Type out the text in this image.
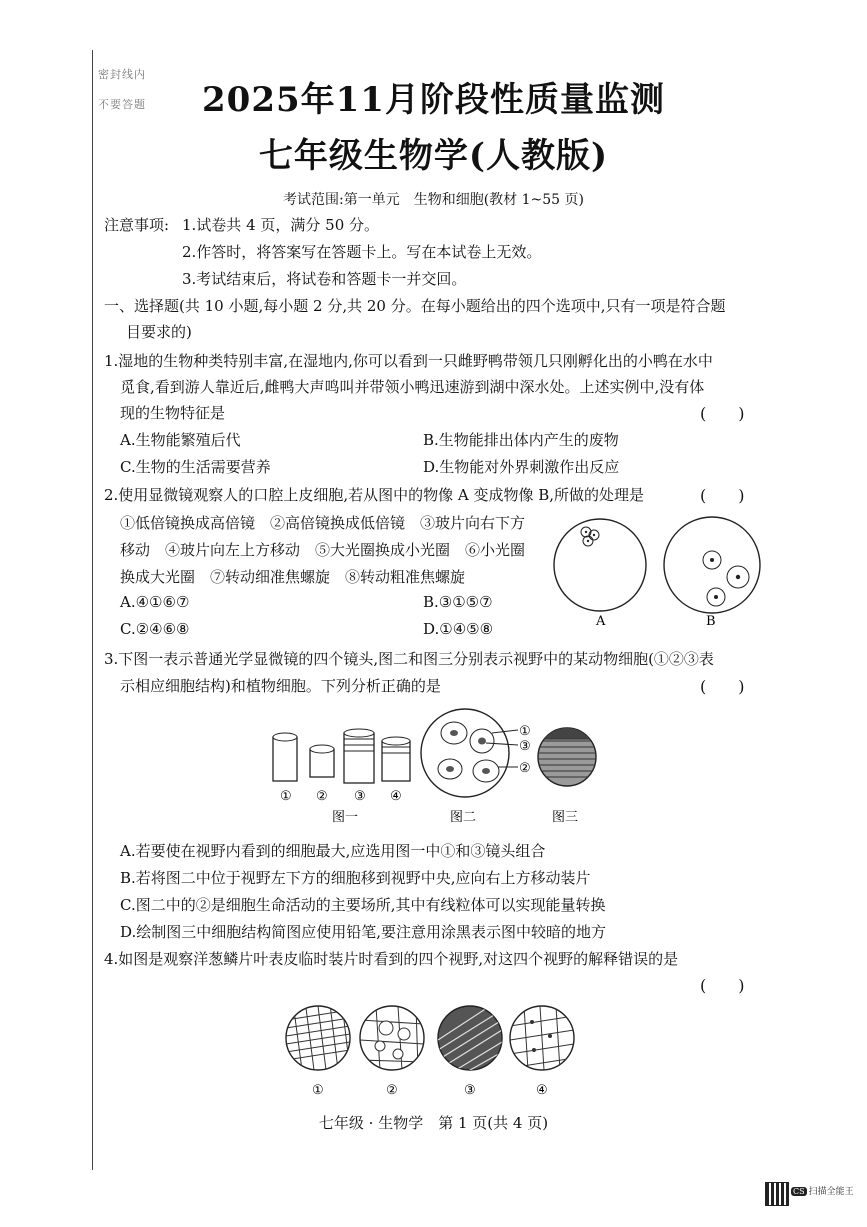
密封线内
不要答题	2025年11月阶段性质量监测
七年级生物学(人教版)
考试范围:第一单元　生物和细胞(教材 1~55 页)
注意事项: 1.试卷共 4 页，满分 50 分。
2.作答时，将答案写在答题卡上。写在本试卷上无效。
3.考试结束后，将试卷和答题卡一并交回。
一、选择题(共 10 小题,每小题 2 分,共 20 分。在每小题给出的四个选项中,只有一项是符合题
目要求的)
1.湿地的生物种类特别丰富,在湿地内,你可以看到一只雌野鸭带领几只刚孵化出的小鸭在水中
觅食,看到游人靠近后,雌鸭大声鸣叫并带领小鸭迅速游到湖中深水处。上述实例中,没有体
现的生物特征是	(　　)
A.生物能繁殖后代	B.生物能排出体内产生的废物
C.生物的生活需要营养	D.生物能对外界刺激作出反应
2.使用显微镜观察人的口腔上皮细胞,若从图中的物像 A 变成物像 B,所做的处理是	(　　)
①低倍镜换成高倍镜　②高倍镜换成低倍镜　③玻片向右下方
移动　④玻片向左上方移动　⑤大光圈换成小光圈　⑥小光圈
换成大光圈　⑦转动细准焦螺旋　⑧转动粗准焦螺旋
A.④①⑥⑦	B.③①⑤⑦
C.②④⑥⑧	D.①④⑤⑧	A	B
3.下图一表示普通光学显微镜的四个镜头,图二和图三分别表示视野中的某动物细胞(①②③表
示相应细胞结构)和植物细胞。下列分析正确的是	(　　)
① ② ③ ④
图一
①
③
②
图二	图三
A.若要使在视野内看到的细胞最大,应选用图一中①和③镜头组合
B.若将图二中位于视野左下方的细胞移到视野中央,应向右上方移动装片
C.图二中的②是细胞生命活动的主要场所,其中有线粒体可以实现能量转换
D.绘制图三中细胞结构简图应使用铅笔,要注意用涂黑表示图中较暗的地方
4.如图是观察洋葱鳞片叶表皮临时装片时看到的四个视野,对这四个视野的解释错误的是
(　　)
①	②	③	④
七年级 · 生物学　第 1 页(共 4 页)
CS 扫描全能王
